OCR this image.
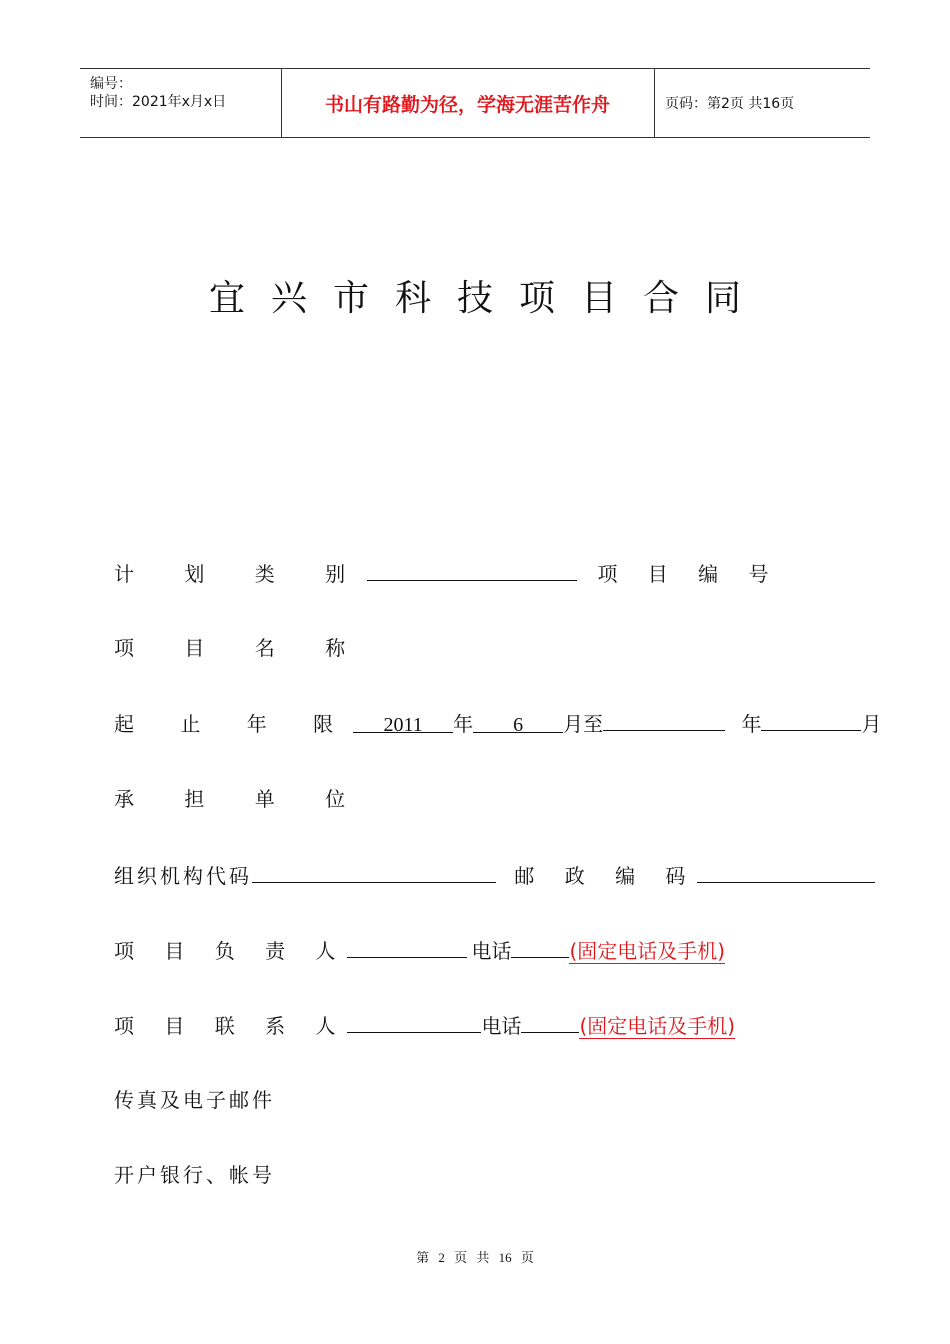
编号：
时间：2021年x月x日	书山有路勤为径，学海无涯苦作舟	页码：第2页 共16页
宜兴市科技项目合同
计 划 类 别	项 目 编 号
项 目 名 称
起 止 年 限 2011 年 6 月至	年	月
承 担 单 位
组织机构代码	邮 政 编 码
项 目 负 责 人	电话	(固定电话及手机)
项 目 联 系 人	电话	(固定电话及手机)
传真及电子邮件
开户银行、帐号
第 2 页 共 16 页
